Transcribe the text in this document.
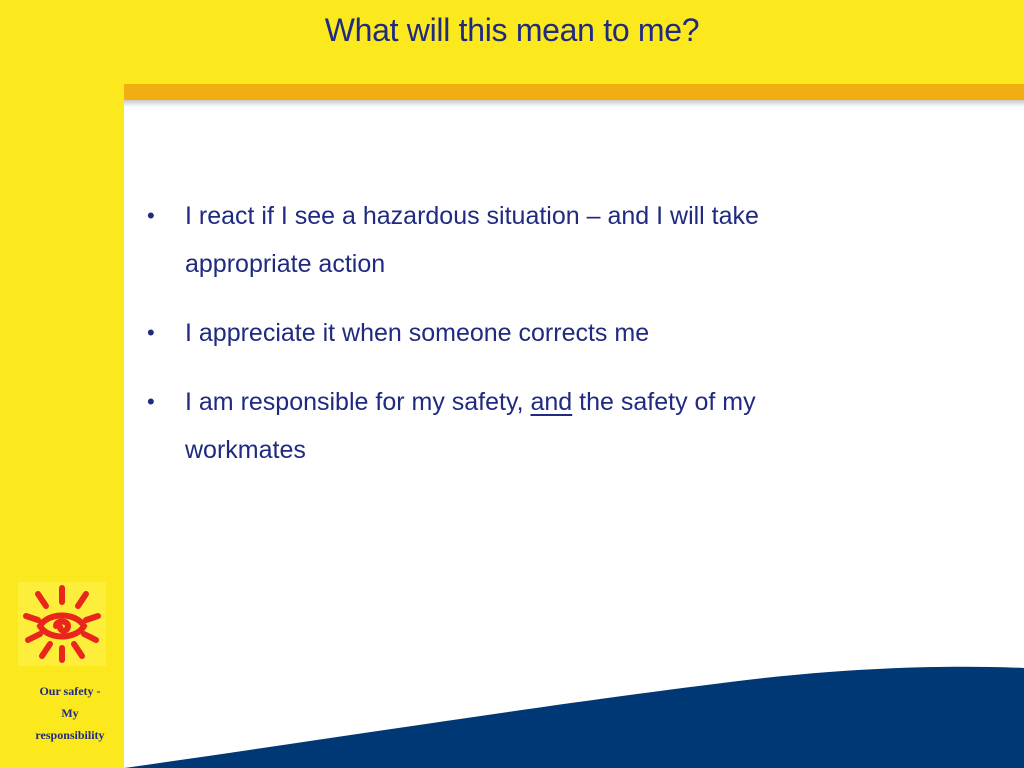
What will this mean to me?
• I react if I see a hazardous situation – and I will take appropriate action
• I appreciate it when someone corrects me
• I am responsible for my safety, and the safety of my workmates
Our safety -
My
responsibility
